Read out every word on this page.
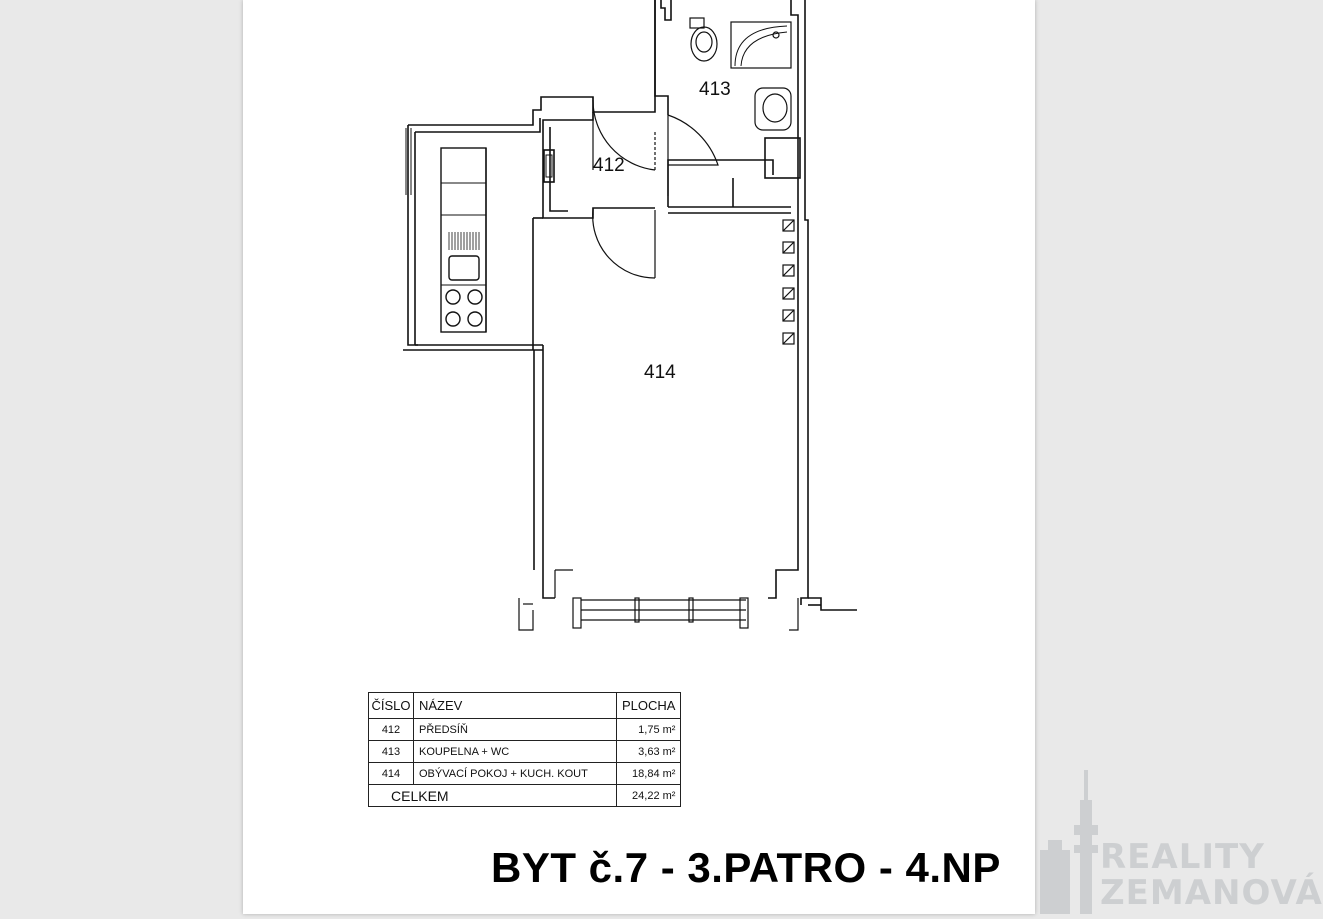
413
412
414
ČÍSLO	NÁZEV	PLOCHA
412	PŘEDSÍŇ	1,75 m²
413	KOUPELNA + WC	3,63 m²
414	OBÝVACÍ POKOJ + KUCH. KOUT	18,84 m²
CELKEM		24,22 m²
BYT č.7 - 3.PATRO - 4.NP	REALITY
ZEMANOVÁ
